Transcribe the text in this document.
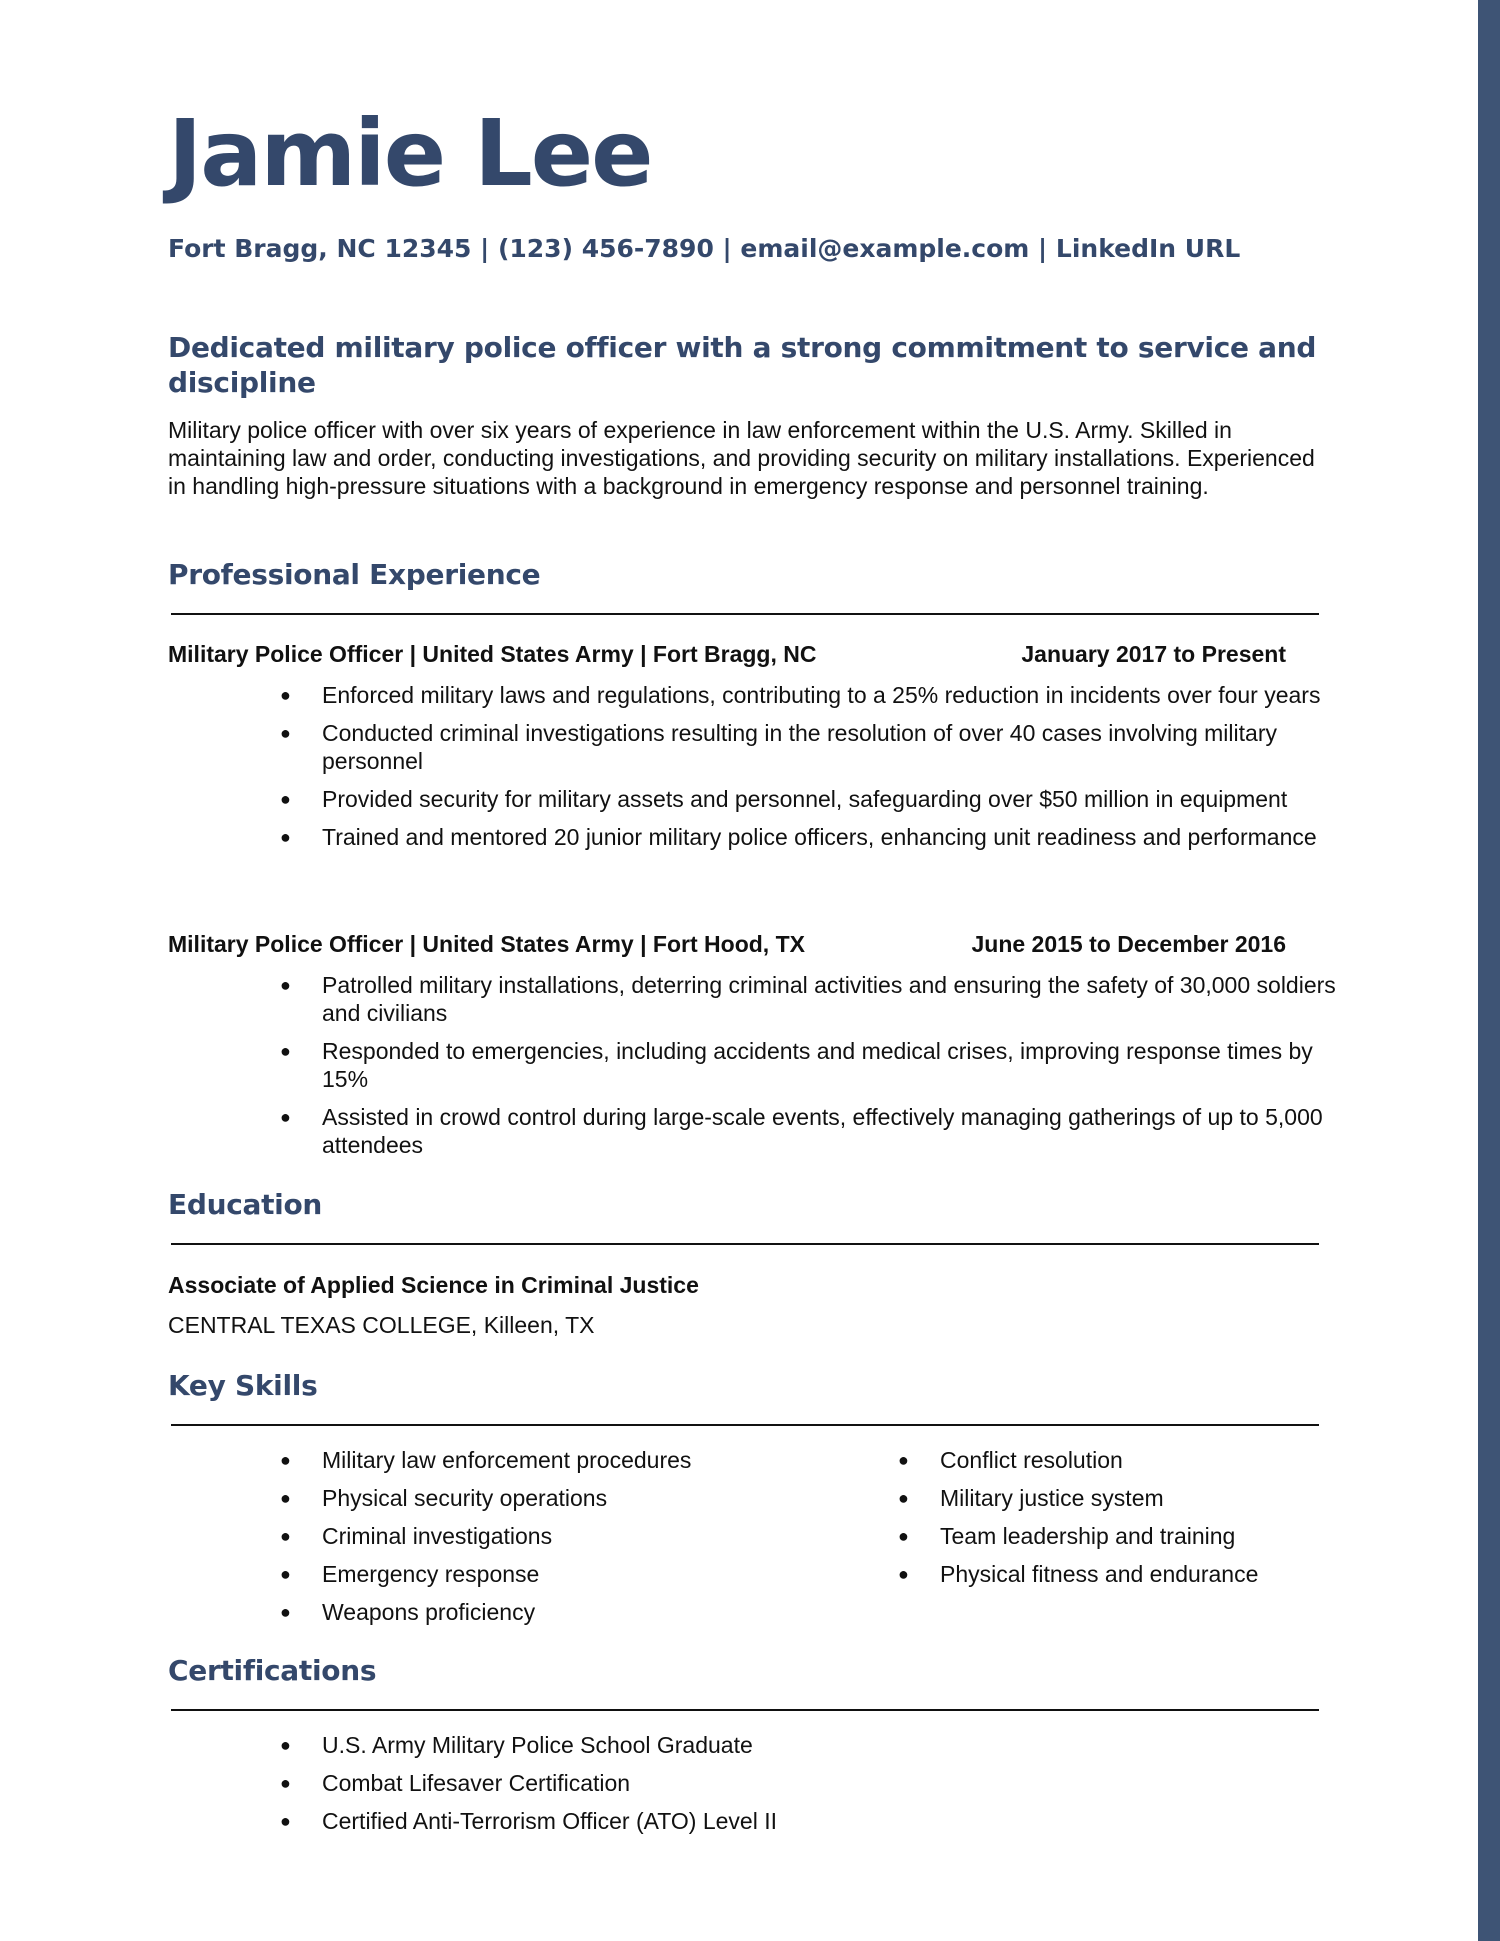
Jamie Lee
Fort Bragg, NC 12345 | (123) 456-7890 | email@example.com | LinkedIn URL
Dedicated military police officer with a strong commitment to service and discipline
Military police officer with over six years of experience in law enforcement within the U.S. Army. Skilled in maintaining law and order, conducting investigations, and providing security on military installations. Experienced in handling high-pressure situations with a background in emergency response and personnel training.
Professional Experience
Military Police Officer | United States Army | Fort Bragg, NC	January 2017 to Present
● Enforced military laws and regulations, contributing to a 25% reduction in incidents over four years
● Conducted criminal investigations resulting in the resolution of over 40 cases involving military personnel
● Provided security for military assets and personnel, safeguarding over $50 million in equipment
● Trained and mentored 20 junior military police officers, enhancing unit readiness and performance
Military Police Officer | United States Army | Fort Hood, TX	June 2015 to December 2016
● Patrolled military installations, deterring criminal activities and ensuring the safety of 30,000 soldiers and civilians
● Responded to emergencies, including accidents and medical crises, improving response times by 15%
● Assisted in crowd control during large-scale events, effectively managing gatherings of up to 5,000 attendees
Education
Associate of Applied Science in Criminal Justice
CENTRAL TEXAS COLLEGE, Killeen, TX
Key Skills
● Military law enforcement procedures
● Physical security operations
● Criminal investigations
● Emergency response
● Weapons proficiency
● Conflict resolution
● Military justice system
● Team leadership and training
● Physical fitness and endurance
Certifications
● U.S. Army Military Police School Graduate
● Combat Lifesaver Certification
● Certified Anti-Terrorism Officer (ATO) Level II
